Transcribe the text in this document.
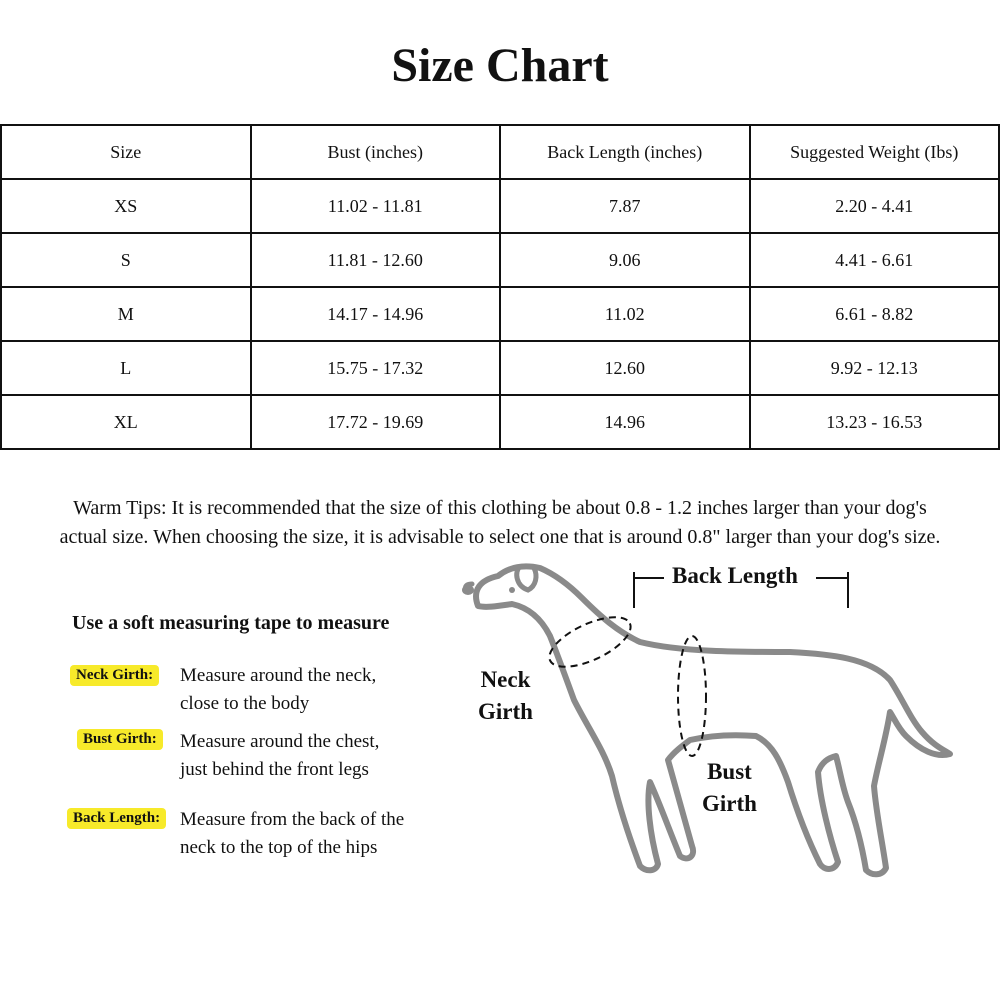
Size Chart
Size	Bust (inches)	Back Length (inches)	Suggested Weight (Ibs)
XS	11.02 - 11.81	7.87	2.20 - 4.41
S	11.81 - 12.60	9.06	4.41 - 6.61
M	14.17 - 14.96	11.02	6.61 - 8.82
L	15.75 - 17.32	12.60	9.92 - 12.13
XL	17.72 - 19.69	14.96	13.23 - 16.53

Warm Tips: It is recommended that the size of this clothing be about 0.8 - 1.2 inches larger than your dog's

actual size. When choosing the size, it is advisable to select one that is around 0.8" larger than your dog's size.

Use a soft measuring tape to measure
Neck Girth:	Measure around the neck,
close to the body
Bust Girth:	Measure around the chest,
just behind the front legs
Back Length:	Measure from the back of the
neck to the top of the hips
Back Length
Neck
Girth
Bust
Girth
